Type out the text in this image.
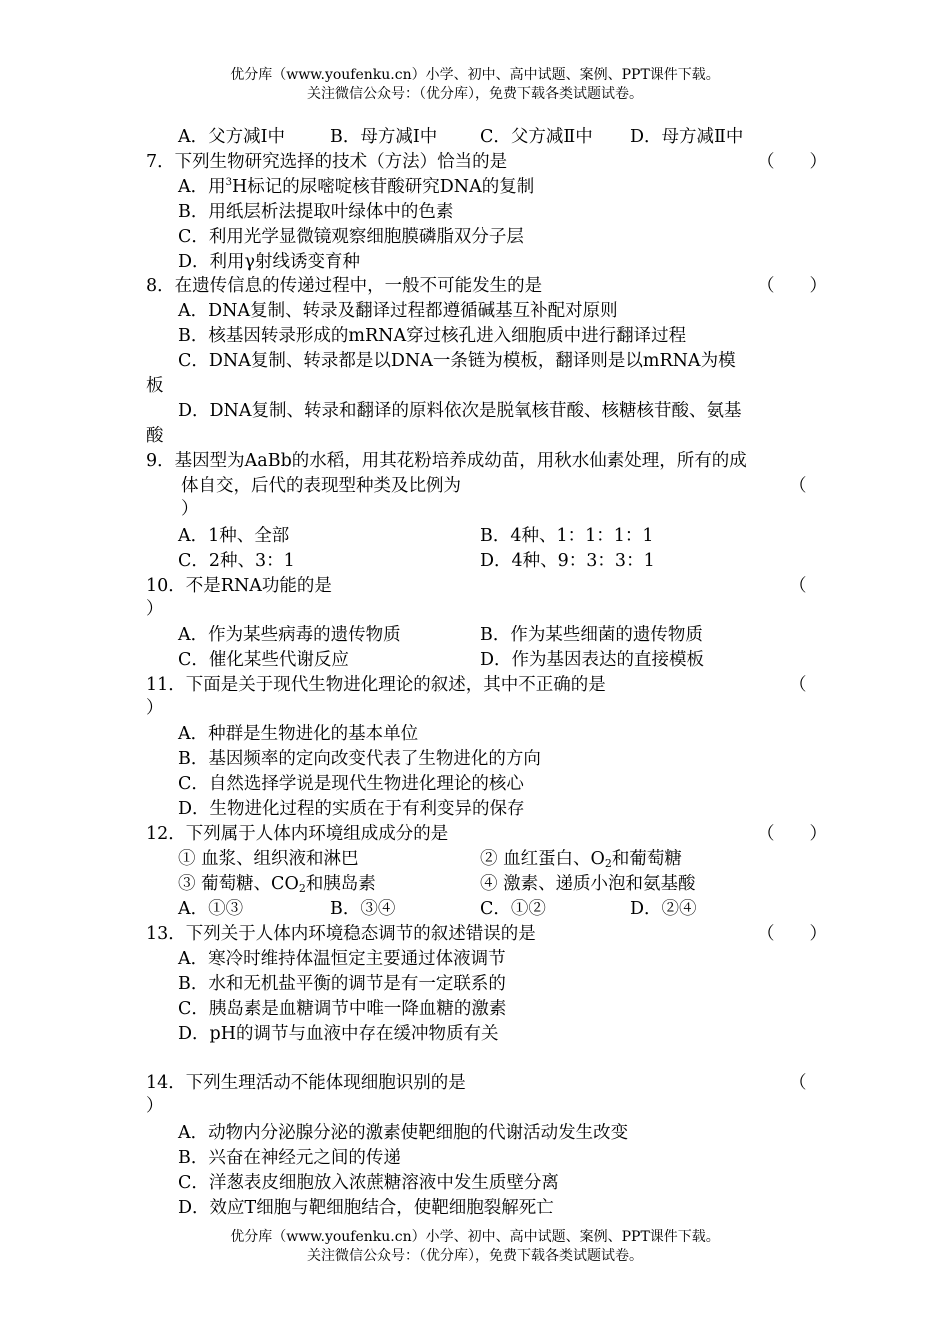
优分库（www.youfenku.cn）小学、初中、高中试题、案例、PPT课件下载。
关注微信公众号：（优分库），免费下载各类试题试卷。
A．父方减Ⅰ中	B．母方减Ⅰ中 C．父方减Ⅱ中 D．母方减Ⅱ中
7．下列生物研究选择的技术（方法）恰当的是	（　　）
A．用$^3$H标记的尿嘧啶核苷酸研究DNA的复制
B．用纸层析法提取叶绿体中的色素
C．利用光学显微镜观察细胞膜磷脂双分子层
D．利用γ射线诱变育种
8．在遗传信息的传递过程中，一般不可能发生的是	（　　）
A．DNA复制、转录及翻译过程都遵循碱基互补配对原则
B．核基因转录形成的mRNA穿过核孔进入细胞质中进行翻译过程
C．DNA复制、转录都是以DNA一条链为模板，翻译则是以mRNA为模
板
D．DNA复制、转录和翻译的原料依次是脱氧核苷酸、核糖核苷酸、氨基
酸
9．基因型为AaBb的水稻，用其花粉培养成幼苗，用秋水仙素处理，所有的成
体自交，后代的表现型种类及比例为	（
）
A．1种、全部	B．4种、1：1：1：1
C．2种、3：1	D．4种、9：3：3：1
10．不是RNA功能的是	（
）
A．作为某些病毒的遗传物质	B．作为某些细菌的遗传物质
C．催化某些代谢反应	D．作为基因表达的直接模板
11．下面是关于现代生物进化理论的叙述，其中不正确的是	（
）
A．种群是生物进化的基本单位
B．基因频率的定向改变代表了生物进化的方向
C．自然选择学说是现代生物进化理论的核心
D．生物进化过程的实质在于有利变异的保存
12．下列属于人体内环境组成成分的是	（　　）
① 血浆、组织液和淋巴	② 血红蛋白、$O_2$和葡萄糖
③ 葡萄糖、$CO_2$和胰岛素	④ 激素、递质小泡和氨基酸
A．①③	B．③④	C．①②	D．②④
13．下列关于人体内环境稳态调节的叙述错误的是	（　　）
A．寒冷时维持体温恒定主要通过体液调节
B．水和无机盐平衡的调节是有一定联系的
C．胰岛素是血糖调节中唯一降血糖的激素
D．pH的调节与血液中存在缓冲物质有关
14．下列生理活动不能体现细胞识别的是	（
）
A．动物内分泌腺分泌的激素使靶细胞的代谢活动发生改变
B．兴奋在神经元之间的传递
C．洋葱表皮细胞放入浓蔗糖溶液中发生质壁分离
D．效应T细胞与靶细胞结合，使靶细胞裂解死亡
优分库（www.youfenku.cn）小学、初中、高中试题、案例、PPT课件下载。
关注微信公众号：（优分库），免费下载各类试题试卷。
